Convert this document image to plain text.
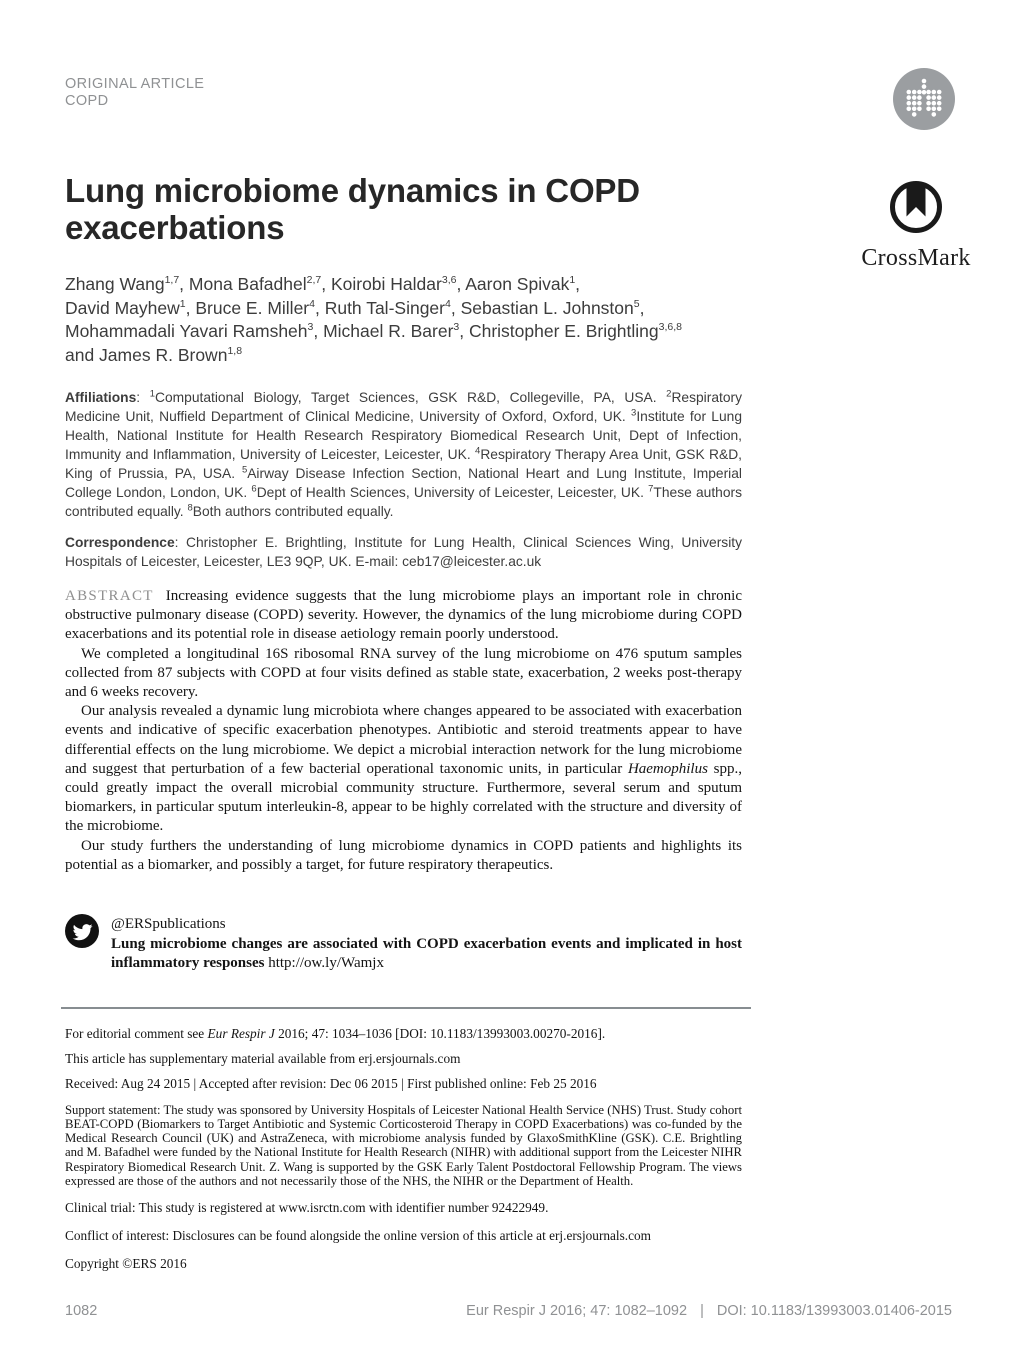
CrossMark
ORIGINAL ARTICLE
COPD
Lung microbiome dynamics in COPD exacerbations
Zhang Wang$^{1,7}$, Mona Bafadhel$^{2,7}$, Koirobi Haldar$^{3,6}$, Aaron Spivak$^1$,
David Mayhew$^1$, Bruce E. Miller$^4$, Ruth Tal-Singer$^4$, Sebastian L. Johnston$^5$,
Mohammadali Yavari Ramsheh$^3$, Michael R. Barer$^3$, Christopher E. Brightling$^{3,6,8}$
and James R. Brown$^{1,8}$

Affiliations: $^1$Computational Biology, Target Sciences, GSK R&D, Collegeville, PA, USA. $^2$Respiratory Medicine Unit, Nuffield Department of Clinical Medicine, University of Oxford, Oxford, UK. $^3$Institute for Lung Health, National Institute for Health Research Respiratory Biomedical Research Unit, Dept of Infection, Immunity and Inflammation, University of Leicester, Leicester, UK. $^4$Respiratory Therapy Area Unit, GSK R&D, King of Prussia, PA, USA. $^5$Airway Disease Infection Section, National Heart and Lung Institute, Imperial College London, London, UK. $^6$Dept of Health Sciences, University of Leicester, Leicester, UK. $^7$These authors contributed equally. $^8$Both authors contributed equally.

Correspondence: Christopher E. Brightling, Institute for Lung Health, Clinical Sciences Wing, University Hospitals of Leicester, Leicester, LE3 9QP, UK. E-mail: ceb17@leicester.ac.uk

ABSTRACT Increasing evidence suggests that the lung microbiome plays an important role in chronic obstructive pulmonary disease (COPD) severity. However, the dynamics of the lung microbiome during COPD exacerbations and its potential role in disease aetiology remain poorly understood.

We completed a longitudinal 16S ribosomal RNA survey of the lung microbiome on 476 sputum samples collected from 87 subjects with COPD at four visits defined as stable state, exacerbation, 2 weeks post-therapy and 6 weeks recovery.

Our analysis revealed a dynamic lung microbiota where changes appeared to be associated with exacerbation events and indicative of specific exacerbation phenotypes. Antibiotic and steroid treatments appear to have differential effects on the lung microbiome. We depict a microbial interaction network for the lung microbiome and suggest that perturbation of a few bacterial operational taxonomic units, in particular Haemophilus spp., could greatly impact the overall microbial community structure. Furthermore, several serum and sputum biomarkers, in particular sputum interleukin-8, appear to be highly correlated with the structure and diversity of the microbiome.

Our study furthers the understanding of lung microbiome dynamics in COPD patients and highlights its potential as a biomarker, and possibly a target, for future respiratory therapeutics.

@ERSpublications
Lung microbiome changes are associated with COPD exacerbation events and implicated in host inflammatory responses http://ow.ly/Wamjx

For editorial comment see Eur Respir J 2016; 47: 1034–1036 [DOI: 10.1183/13993003.00270-2016].

This article has supplementary material available from erj.ersjournals.com

Received: Aug 24 2015 | Accepted after revision: Dec 06 2015 | First published online: Feb 25 2016

Support statement: The study was sponsored by University Hospitals of Leicester National Health Service (NHS) Trust. Study cohort BEAT-COPD (Biomarkers to Target Antibiotic and Systemic Corticosteroid Therapy in COPD Exacerbations) was co-funded by the Medical Research Council (UK) and AstraZeneca, with microbiome analysis funded by GlaxoSmithKline (GSK). C.E. Brightling and M. Bafadhel were funded by the National Institute for Health Research (NIHR) with additional support from the Leicester NIHR Respiratory Biomedical Research Unit. Z. Wang is supported by the GSK Early Talent Postdoctoral Fellowship Program. The views expressed are those of the authors and not necessarily those of the NHS, the NIHR or the Department of Health.

Clinical trial: This study is registered at www.isrctn.com with identifier number 92422949.

Conflict of interest: Disclosures can be found alongside the online version of this article at erj.ersjournals.com

Copyright ©ERS 2016

1082	Eur Respir J 2016; 47: 1082–1092 | DOI: 10.1183/13993003.01406-2015
